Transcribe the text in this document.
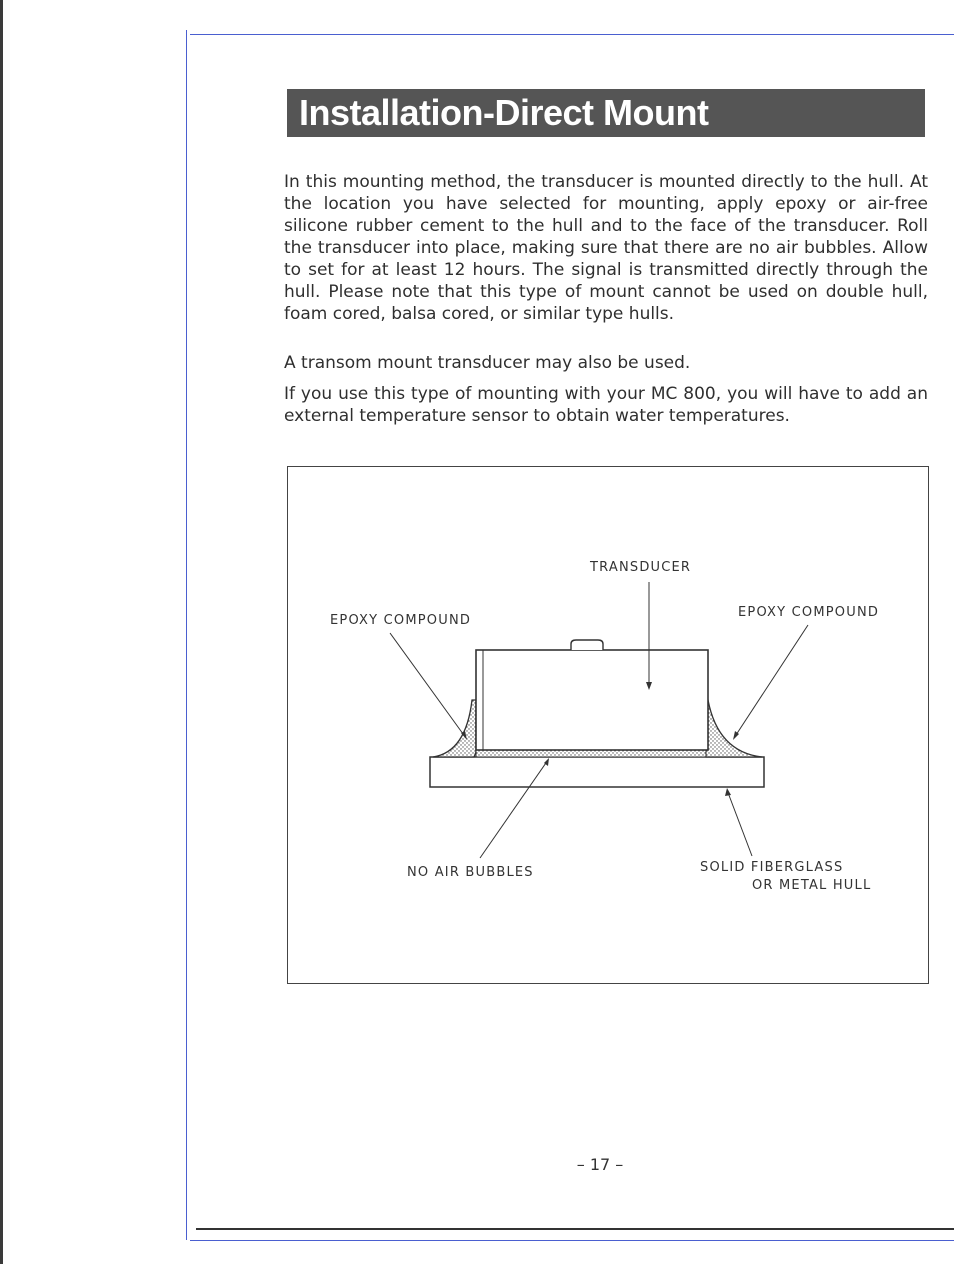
Installation-Direct Mount

In this mounting method, the transducer is mounted directly to the hull. At the location you have selected for mounting, apply epoxy or air-free silicone rubber cement to the hull and to the face of the transducer. Roll the transducer into place, making sure that there are no air bubbles. Allow to set for at least 12 hours. The signal is transmitted directly through the hull. Please note that this type of mount cannot be used on double hull, foam cored, balsa cored, or similar type hulls.

A transom mount transducer may also be used.

If you use this type of mounting with your MC 800, you will have to add an external temperature sensor to obtain water temperatures.

TRANSDUCER
EPOXY COMPOUND
EPOXY COMPOUND
NO AIR BUBBLES	SOLID FIBERGLASS
OR METAL HULL
– 17 –
